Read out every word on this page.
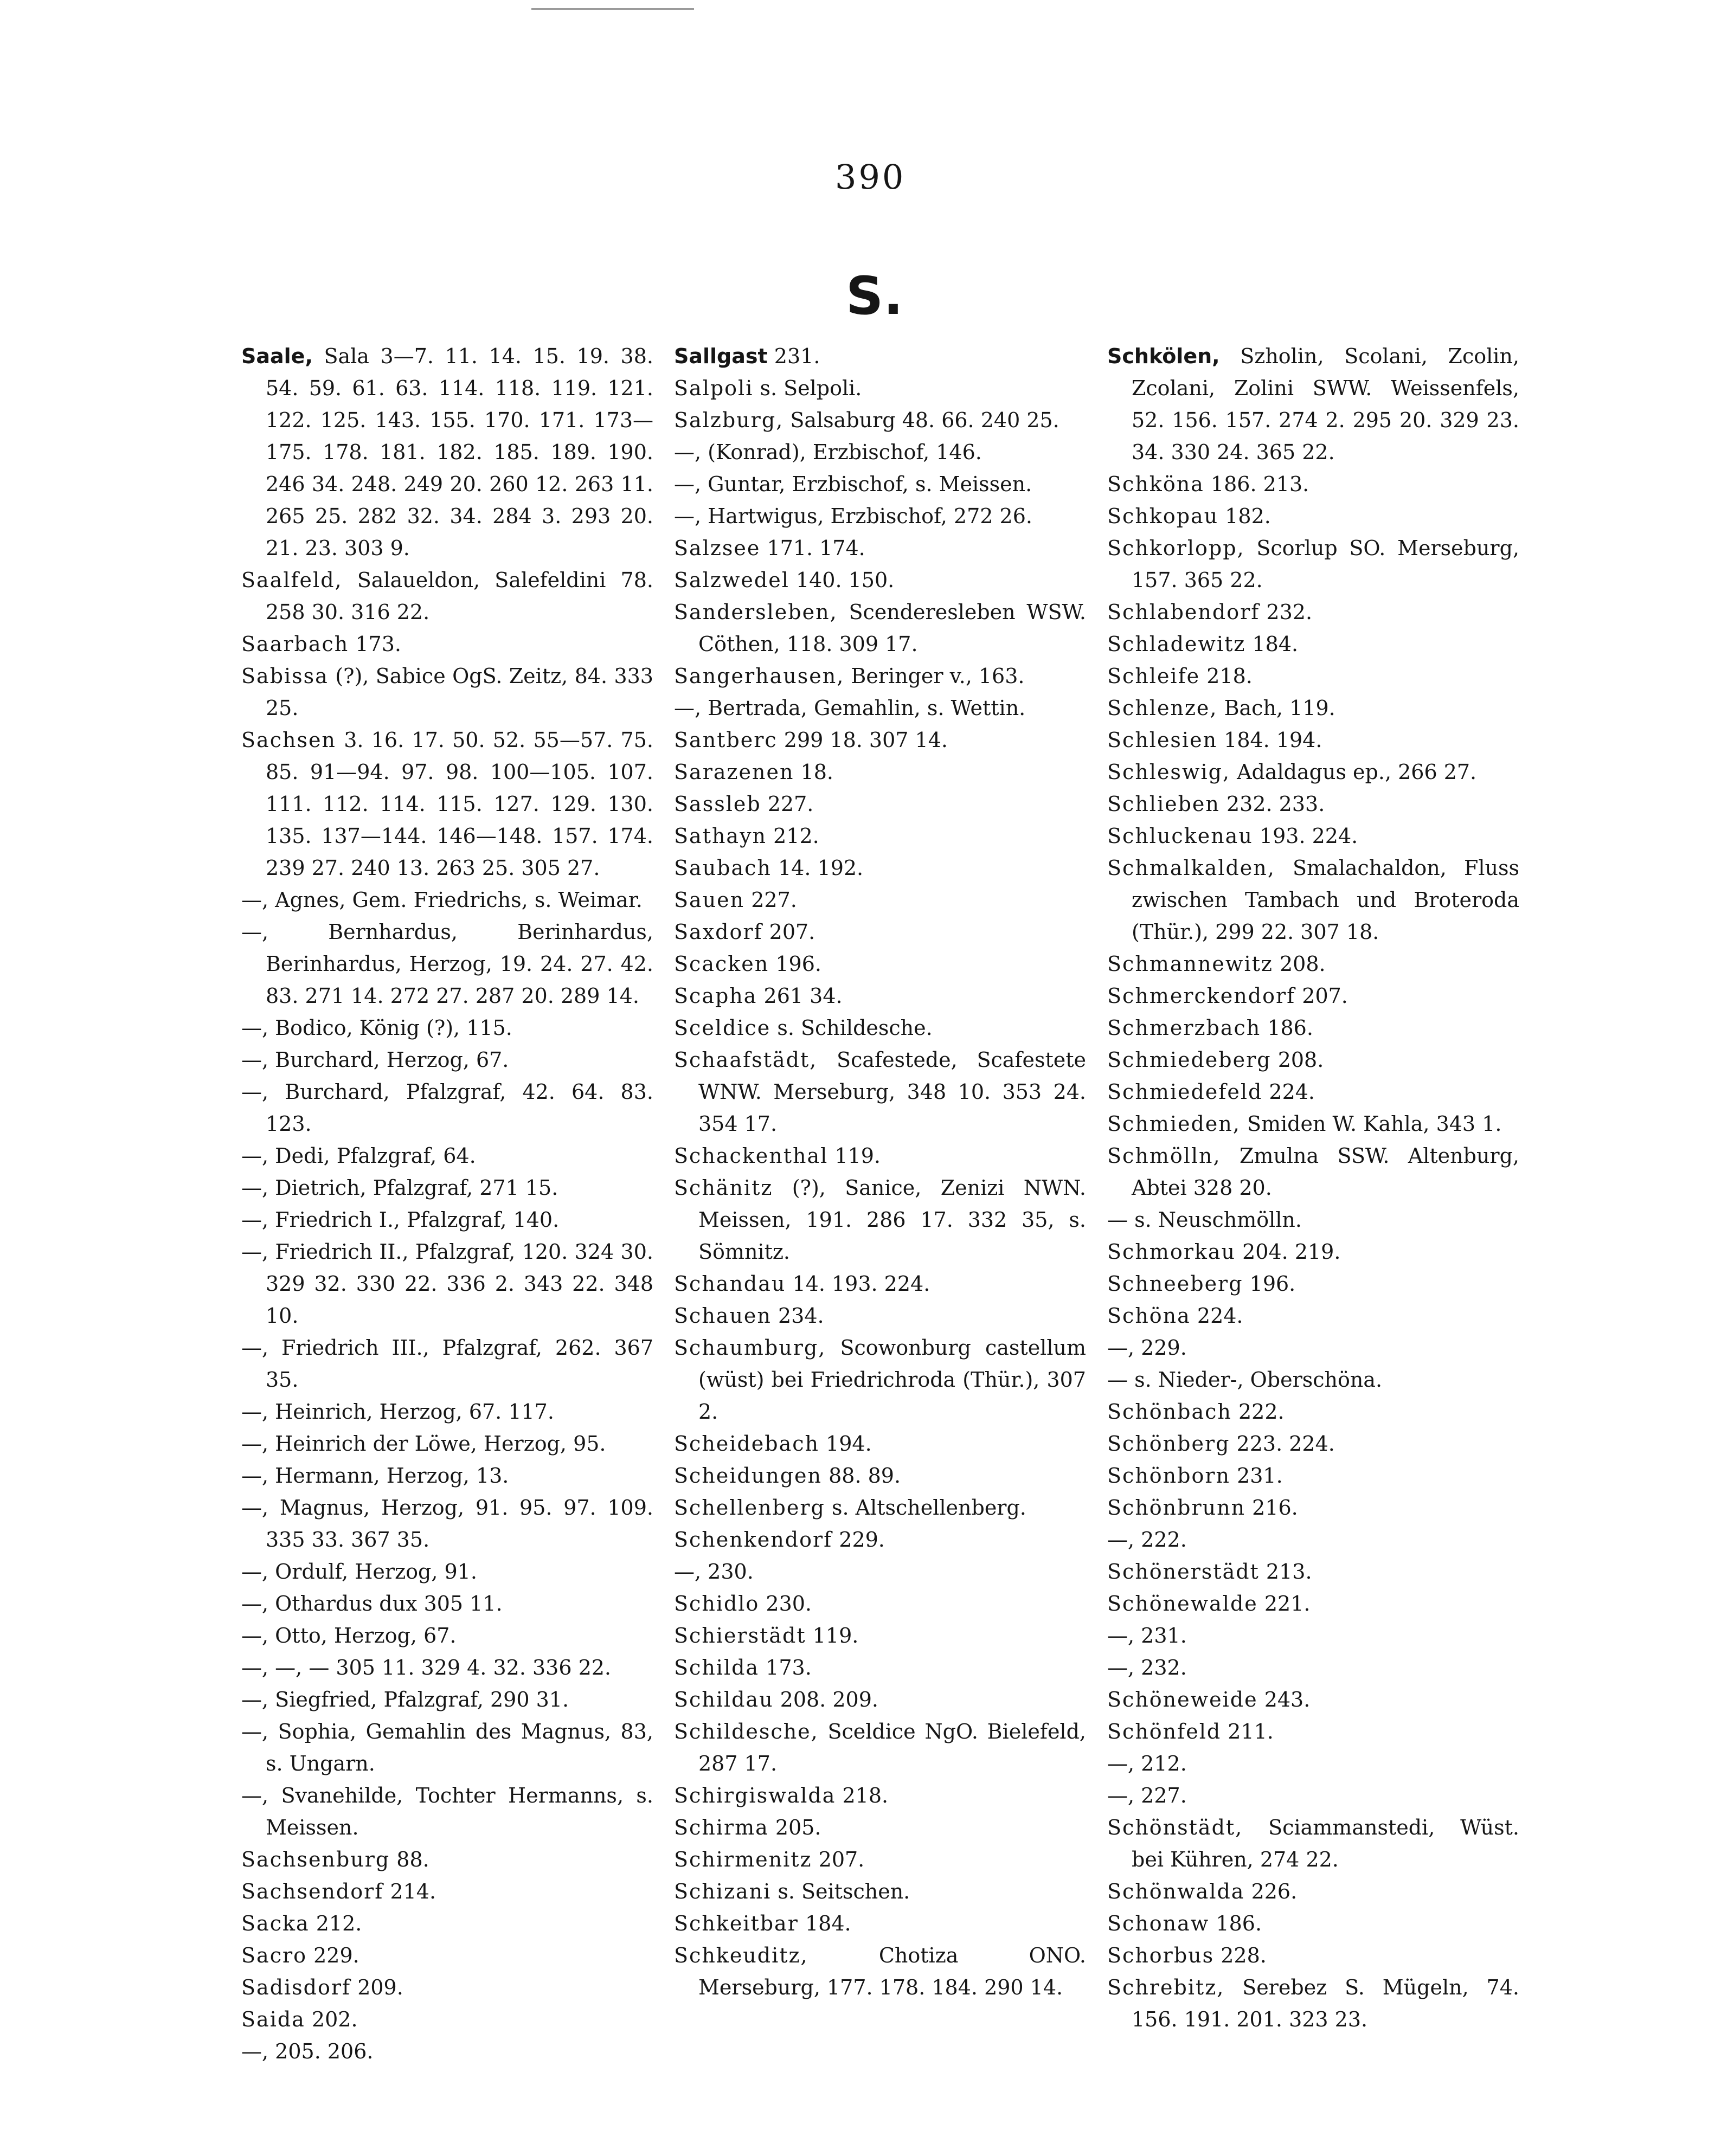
390
S.
Saale, Sala 3—7. 11. 14. 15. 19. 38. 54. 59. 61. 63. 114. 118. 119. 121. 122. 125. 143. 155. 170. 171. 173—175. 178. 181. 182. 185. 189. 190. 246 34. 248. 249 20. 260 12. 263 11. 265 25. 282 32. 34. 284 3. 293 20. 21. 23. 303 9.
Saalfeld, Salaueldon, Salefeldini 78. 258 30. 316 22.
Saarbach 173.
Sabissa (?), Sabice OgS. Zeitz, 84. 333 25.
Sachsen 3. 16. 17. 50. 52. 55—57. 75. 85. 91—94. 97. 98. 100—105. 107. 111. 112. 114. 115. 127. 129. 130. 135. 137—144. 146—148. 157. 174. 239 27. 240 13. 263 25. 305 27.
—, Agnes, Gem. Friedrichs, s. Weimar.
—, Bernhardus, Berinhardus, Berinhardus, Herzog, 19. 24. 27. 42. 83. 271 14. 272 27. 287 20. 289 14.
—, Bodico, König (?), 115.
—, Burchard, Herzog, 67.
—, Burchard, Pfalzgraf, 42. 64. 83. 123.
—, Dedi, Pfalzgraf, 64.
—, Dietrich, Pfalzgraf, 271 15.
—, Friedrich I., Pfalzgraf, 140.
—, Friedrich II., Pfalzgraf, 120. 324 30. 329 32. 330 22. 336 2. 343 22. 348 10.
—, Friedrich III., Pfalzgraf, 262. 367 35.
—, Heinrich, Herzog, 67. 117.
—, Heinrich der Löwe, Herzog, 95.
—, Hermann, Herzog, 13.
—, Magnus, Herzog, 91. 95. 97. 109. 335 33. 367 35.
—, Ordulf, Herzog, 91.
—, Othardus dux 305 11.
—, Otto, Herzog, 67.
—, —, — 305 11. 329 4. 32. 336 22.
—, Siegfried, Pfalzgraf, 290 31.
—, Sophia, Gemahlin des Magnus, 83, s. Ungarn.
—, Svanehilde, Tochter Hermanns, s. Meissen.
Sachsenburg 88.
Sachsendorf 214.
Sacka 212.
Sacro 229.
Sadisdorf 209.
Saida 202.
—, 205. 206.
Sallgast 231.
Salpoli s. Selpoli.
Salzburg, Salsaburg 48. 66. 240 25.
—, (Konrad), Erzbischof, 146.
—, Guntar, Erzbischof, s. Meissen.
—, Hartwigus, Erzbischof, 272 26.
Salzsee 171. 174.
Salzwedel 140. 150.
Sandersleben, Scenderesleben WSW. Cöthen, 118. 309 17.
Sangerhausen, Beringer v., 163.
—, Bertrada, Gemahlin, s. Wettin.
Santberc 299 18. 307 14.
Sarazenen 18.
Sassleb 227.
Sathayn 212.
Saubach 14. 192.
Sauen 227.
Saxdorf 207.
Scacken 196.
Scapha 261 34.
Sceldice s. Schildesche.
Schaafstädt, Scafestede, Scafestete WNW. Merseburg, 348 10. 353 24. 354 17.
Schackenthal 119.
Schänitz (?), Sanice, Zenizi NWN. Meissen, 191. 286 17. 332 35, s. Sömnitz.
Schandau 14. 193. 224.
Schauen 234.
Schaumburg, Scowonburg castellum (wüst) bei Friedrichroda (Thür.), 307 2.
Scheidebach 194.
Scheidungen 88. 89.
Schellenberg s. Altschellenberg.
Schenkendorf 229.
—, 230.
Schidlo 230.
Schierstädt 119.
Schilda 173.
Schildau 208. 209.
Schildesche, Sceldice NgO. Bielefeld, 287 17.
Schirgiswalda 218.
Schirma 205.
Schirmenitz 207.
Schizani s. Seitschen.
Schkeitbar 184.
Schkeuditz,	Chotiza ONO. Merseburg, 177. 178. 184. 290 14.
Schkölen, Szholin, Scolani, Zcolin, Zcolani, Zolini SWW. Weissenfels, 52. 156. 157. 274 2. 295 20. 329 23. 34. 330 24. 365 22.
Schköna 186. 213.
Schkopau 182.
Schkorlopp, Scorlup SO. Merseburg, 157. 365 22.
Schlabendorf 232.
Schladewitz 184.
Schleife 218.
Schlenze, Bach, 119.
Schlesien 184. 194.
Schleswig, Adaldagus ep., 266 27.
Schlieben 232. 233.
Schluckenau 193. 224.
Schmalkalden, Smalachaldon, Fluss zwischen Tambach und Broteroda (Thür.), 299 22. 307 18.
Schmannewitz 208.
Schmerckendorf 207.
Schmerzbach 186.
Schmiedeberg 208.
Schmiedefeld 224.
Schmieden, Smiden W. Kahla, 343 1.
Schmölln, Zmulna SSW. Altenburg, Abtei 328 20.
— s. Neuschmölln.
Schmorkau 204. 219.
Schneeberg 196.
Schöna 224.
—, 229.
— s. Nieder-, Oberschöna.
Schönbach 222.
Schönberg 223. 224.
Schönborn 231.
Schönbrunn 216.
—, 222.
Schönerstädt 213.
Schönewalde 221.
—, 231.
—, 232.
Schöneweide 243.
Schönfeld 211.
—, 212.
—, 227.
Schönstädt, Sciammanstedi, Wüst. bei Kühren, 274 22.
Schönwalda 226.
Schonaw 186.
Schorbus 228.
Schrebitz, Serebez S. Mügeln, 74. 156. 191. 201. 323 23.
